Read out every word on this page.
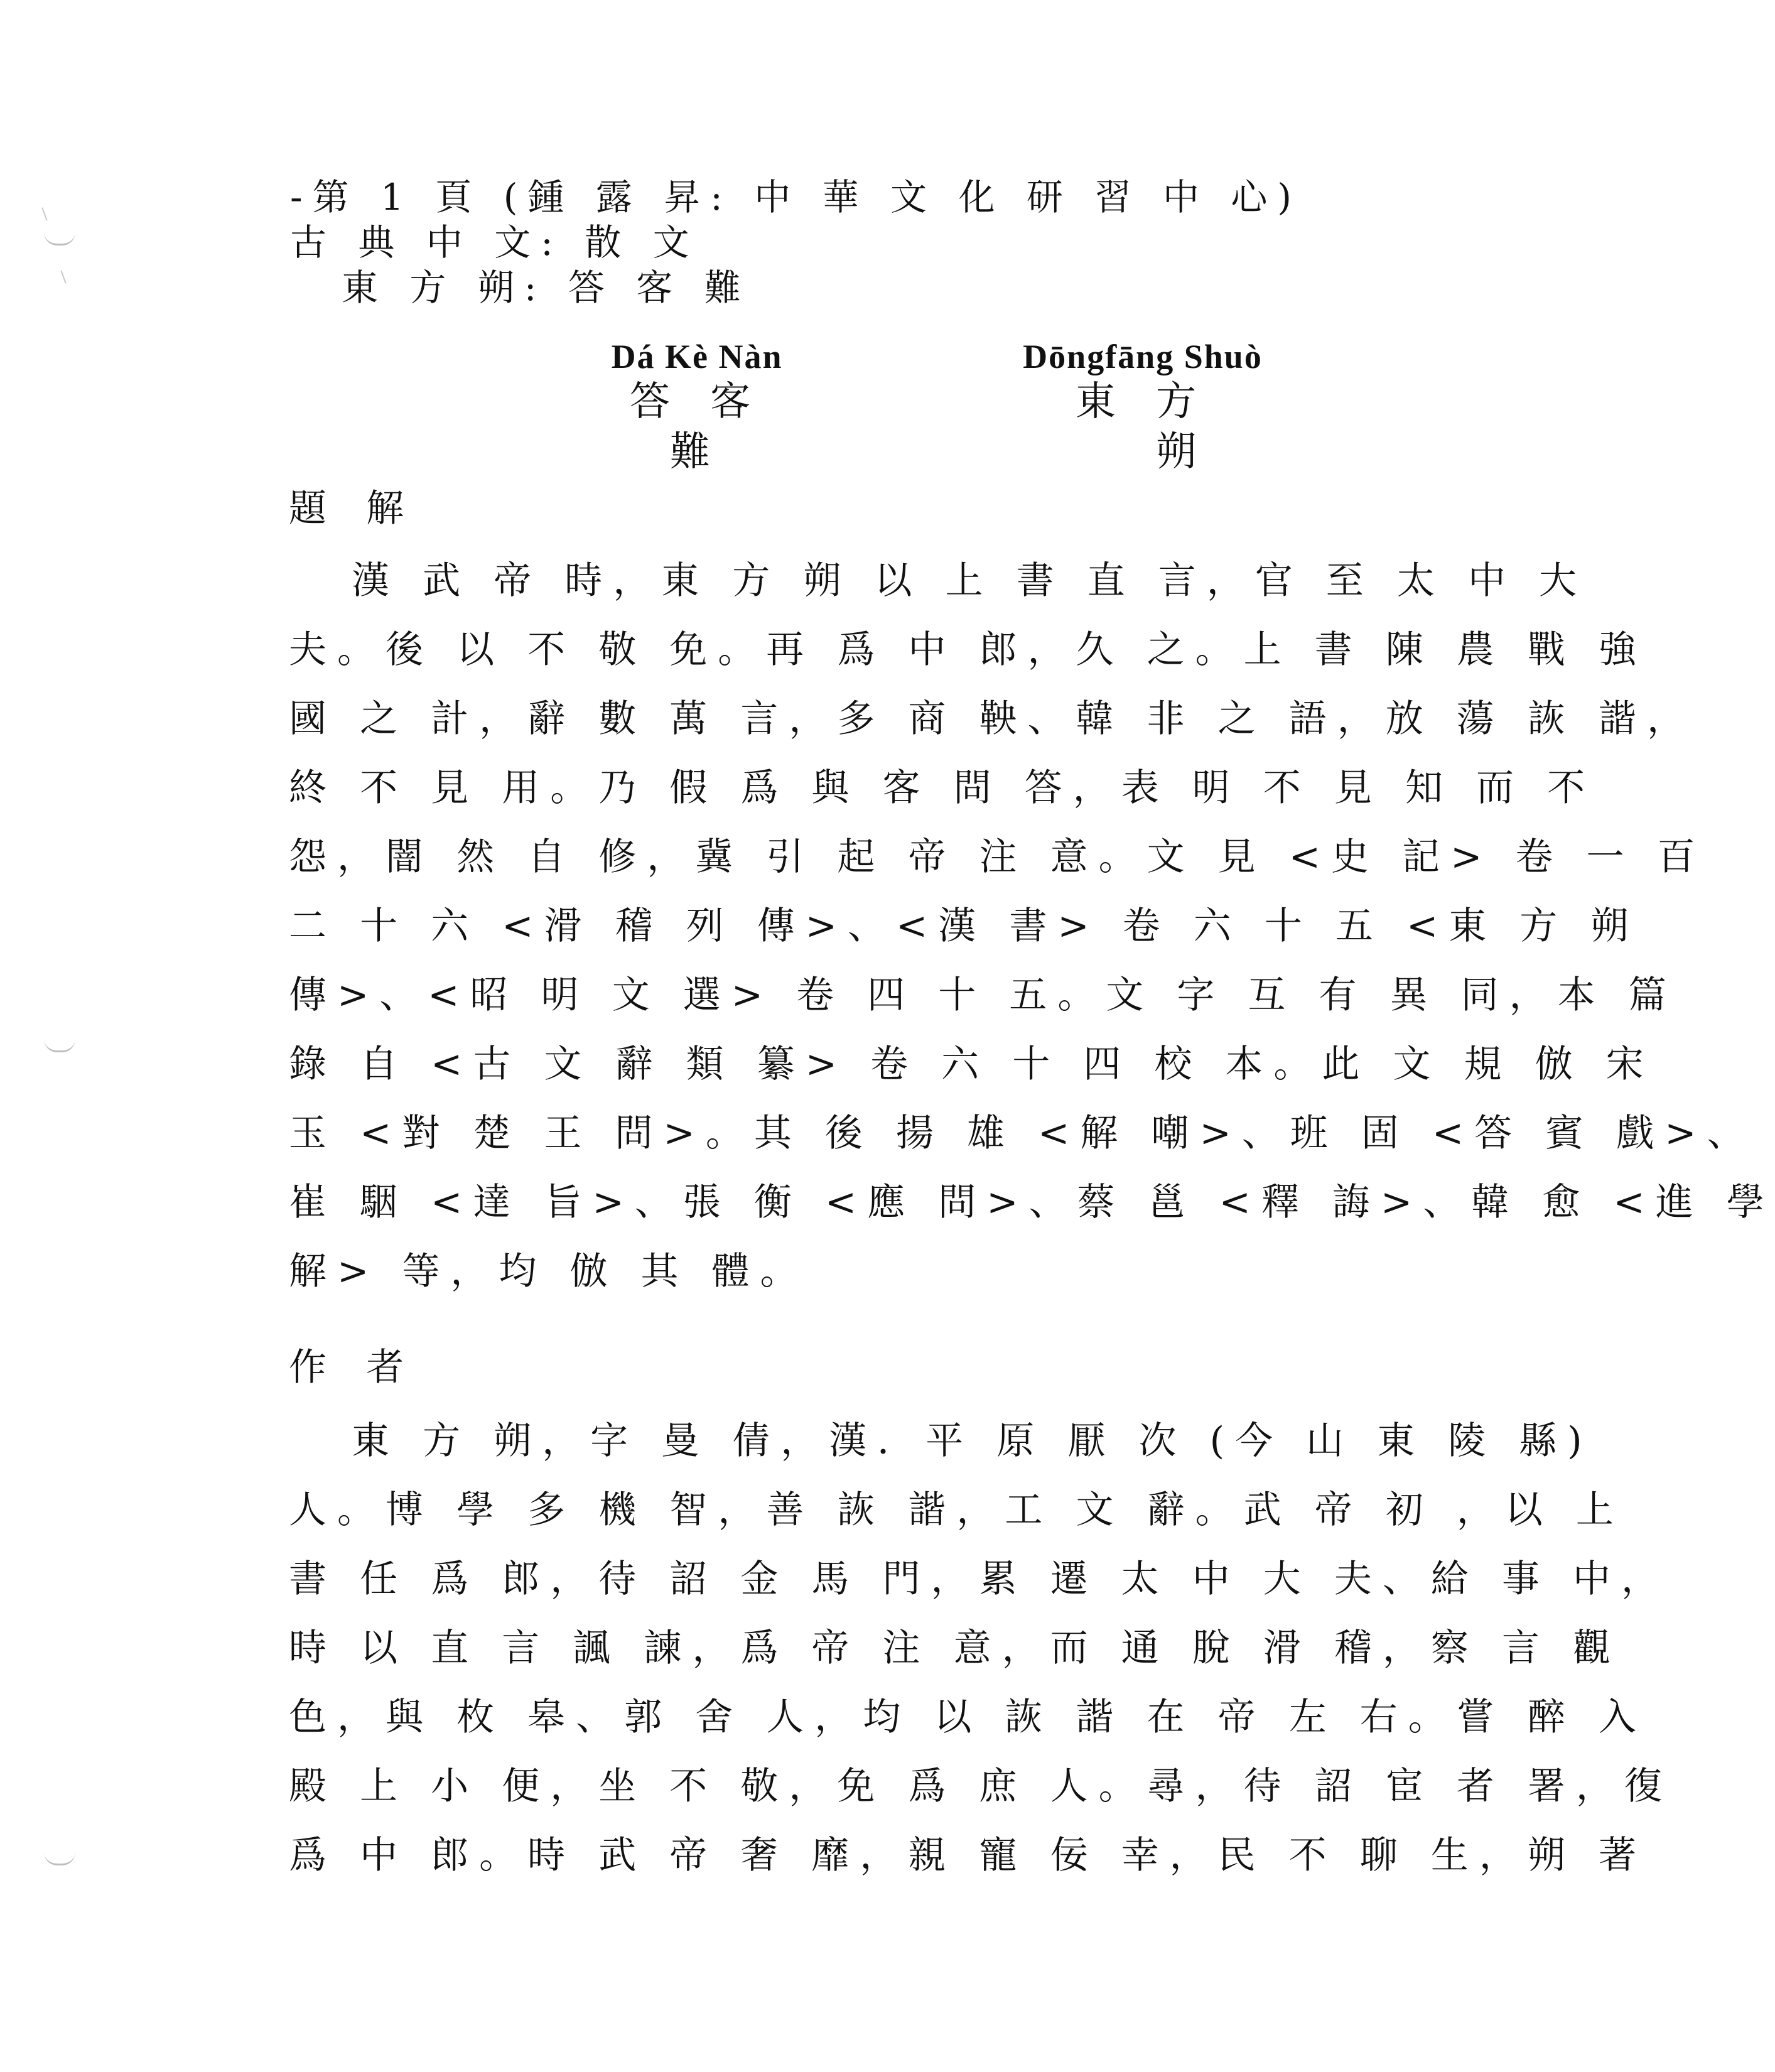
-第 1 頁 (鍾 露 昇: 中 華 文 化 研 習 中 心)
古 典 中 文: 散 文
東 方 朔: 答 客 難
Dá Kè Nàn
答 客 難
Dōngfāng Shuò
東 方 　 朔
題 解
漢 武 帝 時，東 方 朔 以 上 書 直 言，官 至 太 中 大
夫。後 以 不 敬 免。再 爲 中 郎，久 之。上 書 陳 農 戰 強
國 之 計，辭 數 萬 言，多 商 鞅、韓 非 之 語，放 蕩 詼 諧，
終 不 見 用。乃 假 爲 與 客 問 答，表 明 不 見 知 而 不
怨，闇 然 自 修，冀 引 起 帝 注 意。文 見 <史 記> 卷 一 百
二 十 六 <滑 稽 列 傳>、<漢 書> 卷 六 十 五 <東 方 朔
傳>、<昭 明 文 選> 卷 四 十 五。文 字 互 有 異 同，本 篇
錄 自 <古 文 辭 類 纂> 卷 六 十 四 校 本。此 文 規 倣 宋
玉 <對 楚 王 問>。其 後 揚 雄 <解 嘲>、班 固 <答 賓 戲>、
崔 駰 <達 旨>、張 衡 <應 問>、蔡 邕 <釋 誨>、韓 愈 <進 學
解> 等，均 倣 其 體。
作 者
東 方 朔，字 曼 倩，漢．平 原 厭 次 (今 山 東 陵 縣)
人。博 學 多 機 智，善 詼 諧，工 文 辭。武 帝 初 ，以 上
書 任 爲 郎，待 詔 金 馬 門，累 遷 太 中 大 夫、給 事 中，
時 以 直 言 諷 諫，爲 帝 注 意，而 通 脫 滑 稽，察 言 觀
色，與 枚 皋、郭 舍 人，均 以 詼 諧 在 帝 左 右。嘗 醉 入
殿 上 小 便，坐 不 敬，免 爲 庶 人。尋，待 詔 宦 者 署，復
爲 中 郎。時 武 帝 奢 靡，親 寵 佞 幸，民 不 聊 生，朔 著
